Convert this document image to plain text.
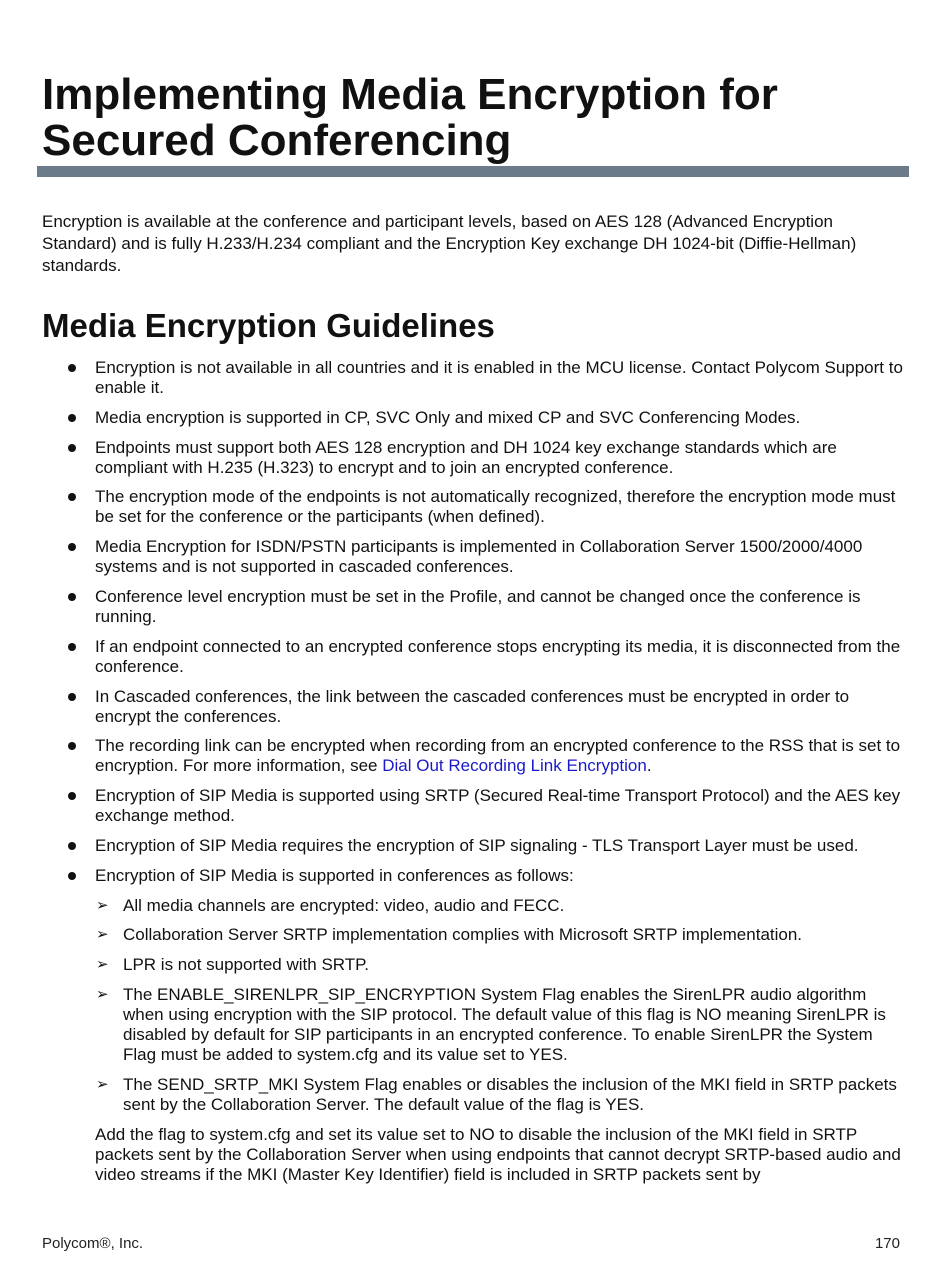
Implementing Media Encryption for Secured Conferencing

Encryption is available at the conference and participant levels, based on AES 128 (Advanced Encryption Standard) and is fully H.233/H.234 compliant and the Encryption Key exchange DH 1024-bit (Diffie-Hellman) standards.

Media Encryption Guidelines
Encryption is not available in all countries and it is enabled in the MCU license. Contact Polycom Support to enable it.
Media encryption is supported in CP, SVC Only and mixed CP and SVC Conferencing Modes.
Endpoints must support both AES 128 encryption and DH 1024 key exchange standards which are compliant with H.235 (H.323) to encrypt and to join an encrypted conference.
The encryption mode of the endpoints is not automatically recognized, therefore the encryption mode must be set for the conference or the participants (when defined).
Media Encryption for ISDN/PSTN participants is implemented in Collaboration Server 1500/2000/4000 systems and is not supported in cascaded conferences.
Conference level encryption must be set in the Profile, and cannot be changed once the conference is running.
If an endpoint connected to an encrypted conference stops encrypting its media, it is disconnected from the conference.
In Cascaded conferences, the link between the cascaded conferences must be encrypted in order to encrypt the conferences.
The recording link can be encrypted when recording from an encrypted conference to the RSS that is set to encryption. For more information, see Dial Out Recording Link Encryption.
Encryption of SIP Media is supported using SRTP (Secured Real-time Transport Protocol) and the AES key exchange method.
Encryption of SIP Media requires the encryption of SIP signaling - TLS Transport Layer must be used.
Encryption of SIP Media is supported in conferences as follows:
➢ All media channels are encrypted: video, audio and FECC.
➢ Collaboration Server SRTP implementation complies with Microsoft SRTP implementation.
➢ LPR is not supported with SRTP.
➢ The ENABLE_SIRENLPR_SIP_ENCRYPTION System Flag enables the SirenLPR audio algorithm when using encryption with the SIP protocol. The default value of this flag is NO meaning SirenLPR is disabled by default for SIP participants in an encrypted conference. To enable SirenLPR the System Flag must be added to system.cfg and its value set to YES.
➢ The SEND_SRTP_MKI System Flag enables or disables the inclusion of the MKI field in SRTP packets sent by the Collaboration Server. The default value of the flag is YES.
Add the flag to system.cfg and set its value set to NO to disable the inclusion of the MKI field in SRTP packets sent by the Collaboration Server when using endpoints that cannot decrypt SRTP-based audio and video streams if the MKI (Master Key Identifier) field is included in SRTP packets sent by
Polycom®, Inc.	170
